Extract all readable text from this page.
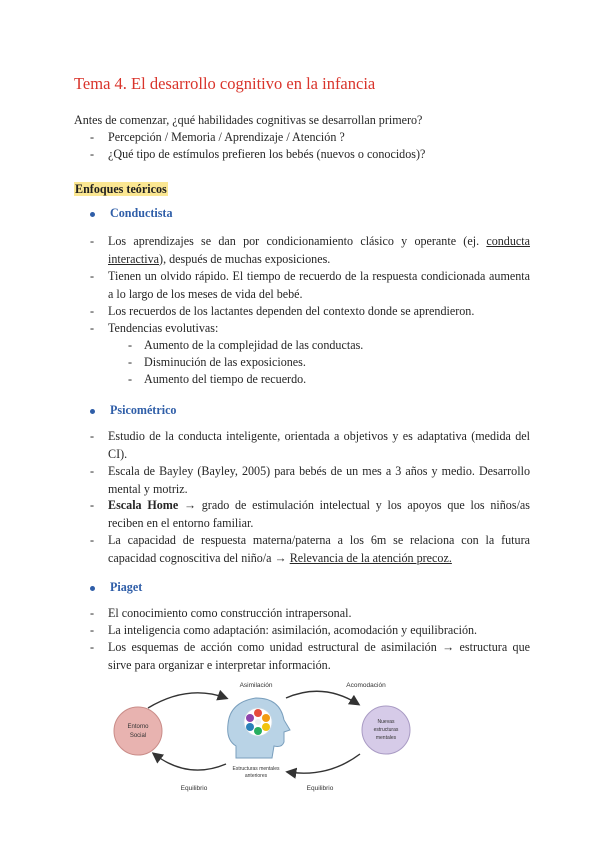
Tema 4. El desarrollo cognitivo en la infancia

Antes de comenzar, ¿qué habilidades cognitivas se desarrollan primero?

- Percepción / Memoria / Aprendizaje / Atención ?
- ¿Qué tipo de estímulos prefieren los bebés (nuevos o conocidos)?

Enfoques teóricos

Conductista
- Los aprendizajes se dan por condicionamiento clásico y operante (ej. conducta interactiva), después de muchas exposiciones.
- Tienen un olvido rápido. El tiempo de recuerdo de la respuesta condicionada aumenta a lo largo de los meses de vida del bebé.
- Los recuerdos de los lactantes dependen del contexto donde se aprendieron.
- Tendencias evolutivas:
- Aumento de la complejidad de las conductas.
- Disminución de las exposiciones.
- Aumento del tiempo de recuerdo.
Psicométrico
- Estudio de la conducta inteligente, orientada a objetivos y es adaptativa (medida del CI).
- Escala de Bayley (Bayley, 2005) para bebés de un mes a 3 años y medio. Desarrollo mental y motriz.
- Escala Home → grado de estimulación intelectual y los apoyos que los niños/as reciben en el entorno familiar.
- La capacidad de respuesta materna/paterna a los 6m se relaciona con la futura capacidad cognoscitiva del niño/a → Relevancia de la atención precoz.
Piaget
- El conocimiento como construcción intrapersonal.
- La inteligencia como adaptación: asimilación, acomodación y equilibración.
- Los esquemas de acción como unidad estructural de asimilación → estructura que sirve para organizar e interpretar información.
Entorno
Social
Nuevas
estructuras
mentales
Asimilación	Acomodación
Estructuras mentales
anteriores
Equilibrio	Equilibrio
